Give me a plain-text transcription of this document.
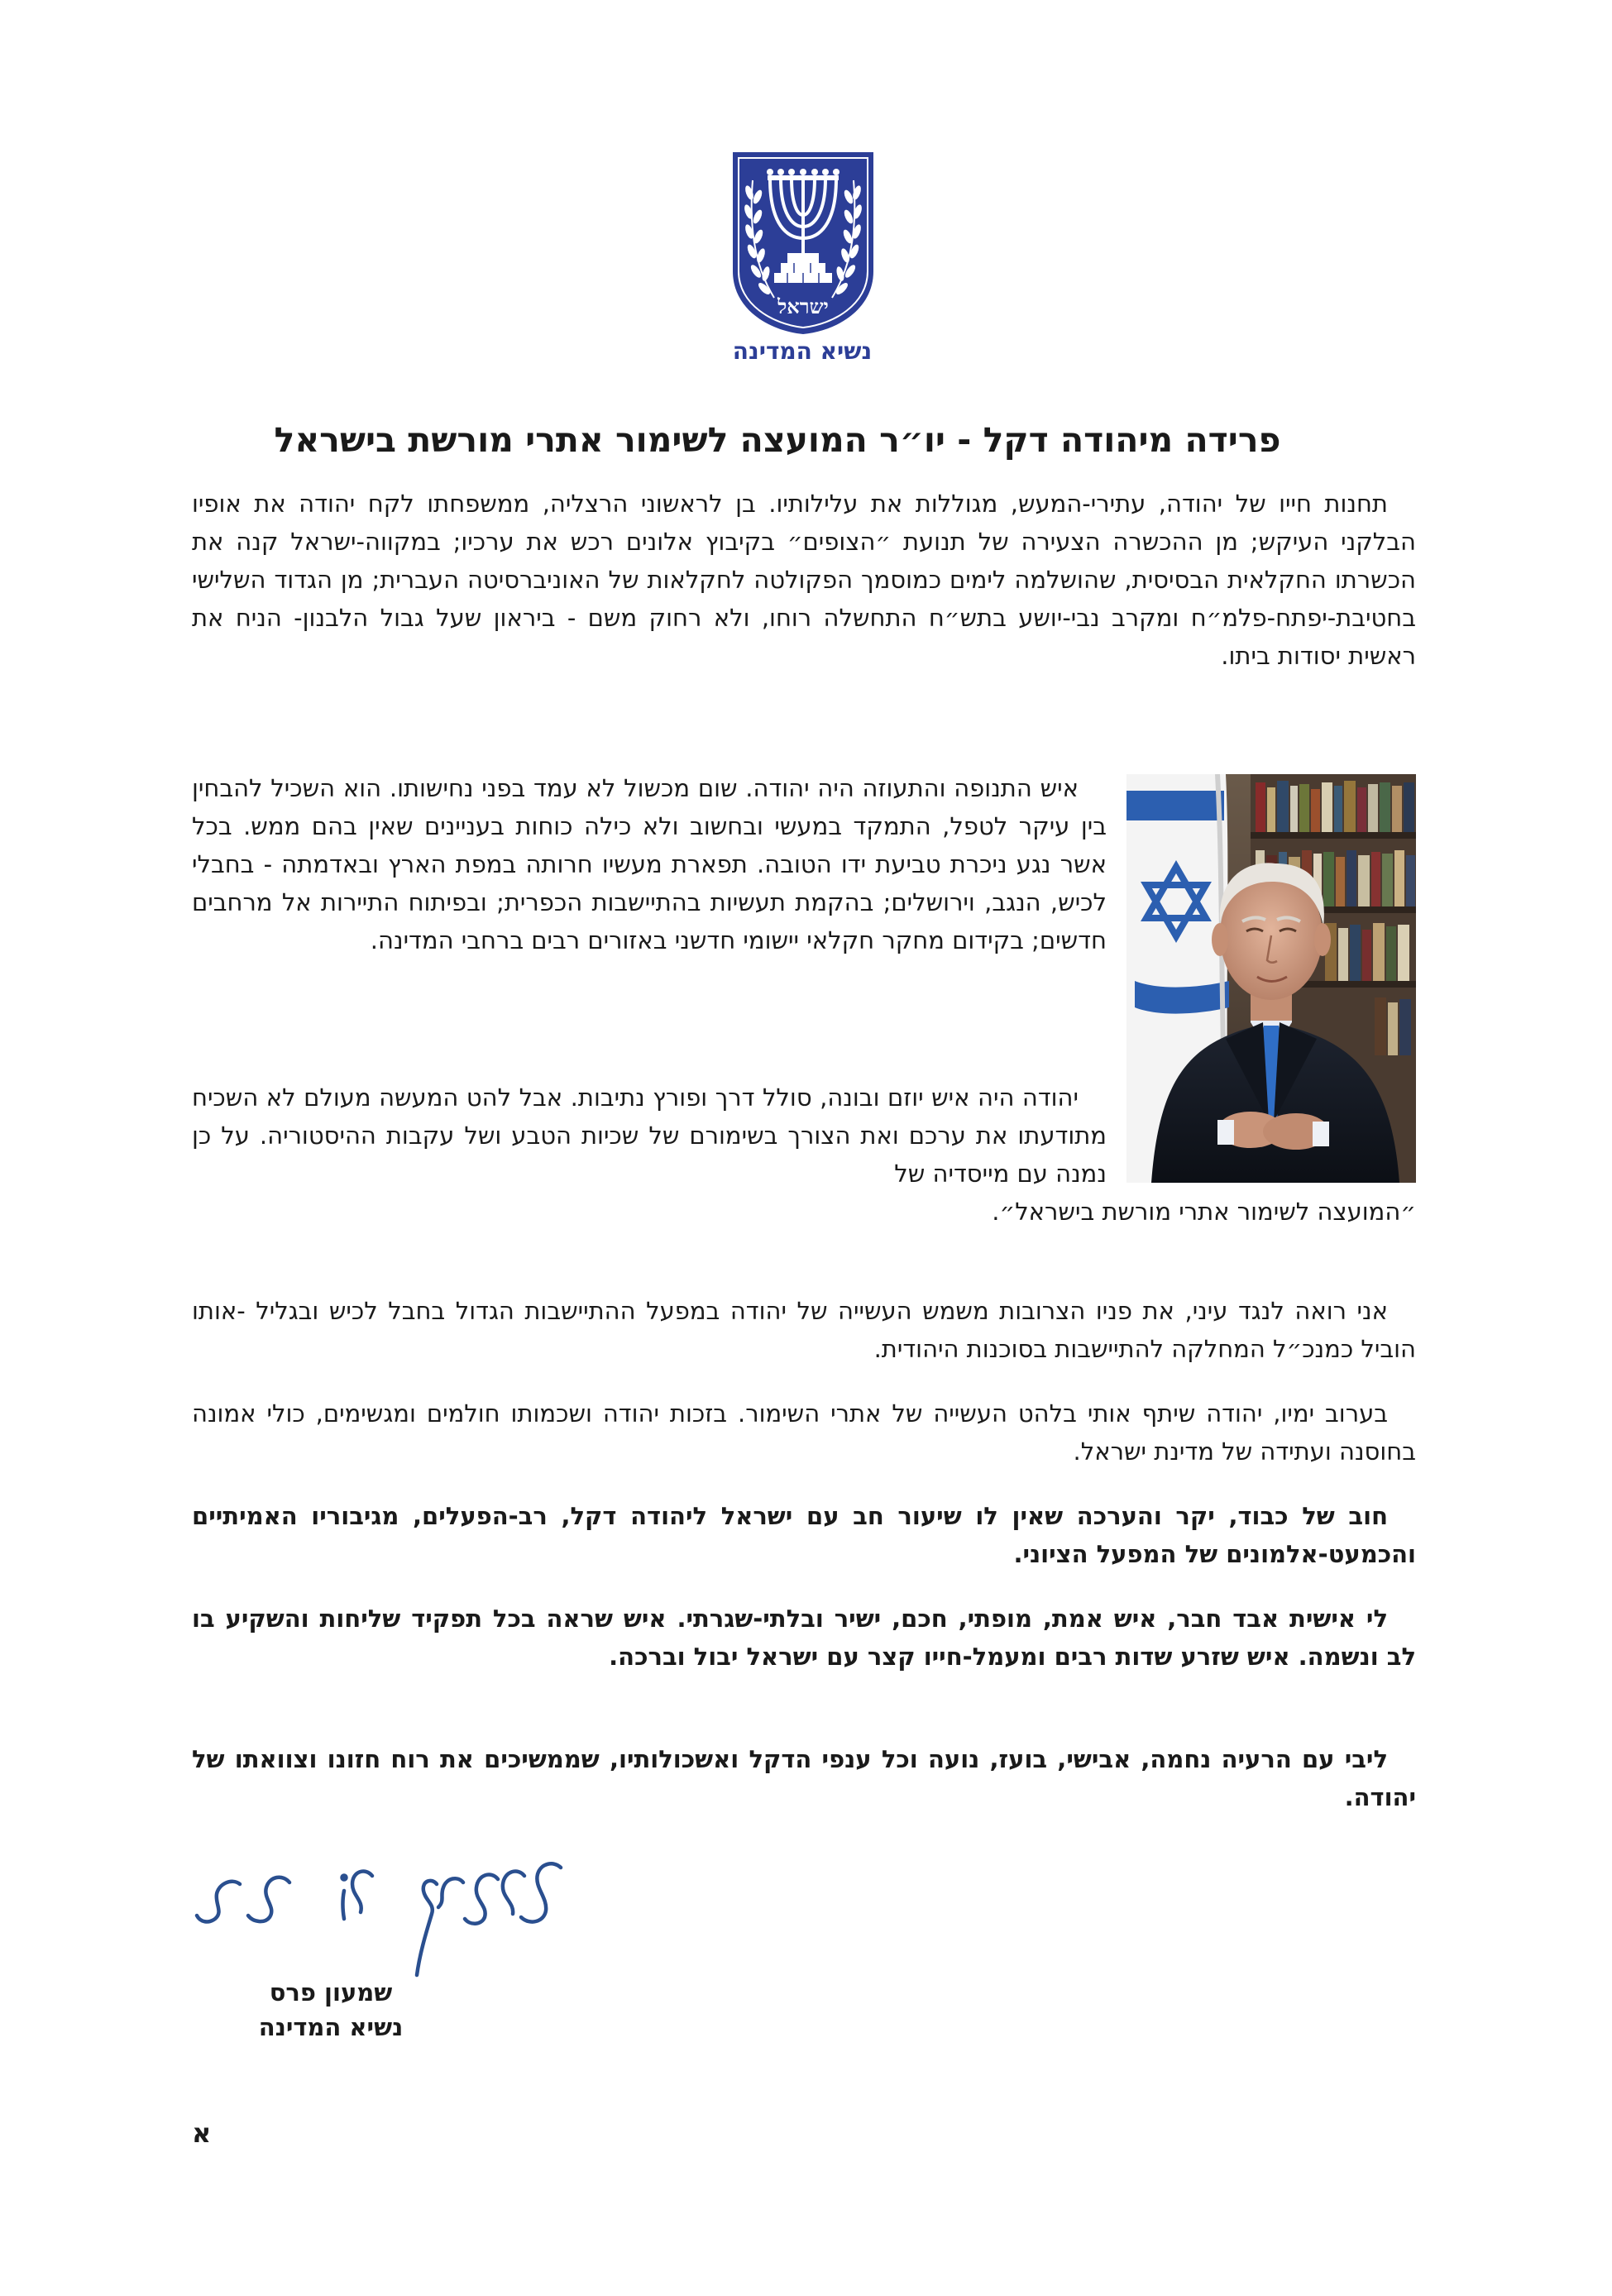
ישראל
נשיא המדינה
פרידה מיהודה דקל - יו״ר המועצה לשימור אתרי מורשת בישראל
תחנות חייו של יהודה, עתירי-המעש, מגוללות את עלילותיו. בן לראשוני הרצליה, ממשפחתו לקח יהודה את אופיו הבלקני העיקש; מן ההכשרה הצעירה של תנועת ״הצופים״ בקיבוץ אלונים רכש את ערכיו; במקווה-ישראל קנה את הכשרתו החקלאית הבסיסית, שהושלמה לימים כמוסמך הפקולטה לחקלאות של האוניברסיטה העברית; מן הגדוד השלישי בחטיבת-יפתח-פלמ״ח ומקרב נבי-יושע בתש״ח התחשלה רוחו, ולא רחוק משם - ביראון שעל גבול הלבנון- הניח את ראשית יסודות ביתו.
איש התנופה והתעוזה היה יהודה. שום מכשול לא עמד בפני נחישותו. הוא השכיל להבחין בין עיקר לטפל, התמקד במעשי ובחשוב ולא כילה כוחות בעניינים שאין בהם ממש. בכל אשר נגע ניכרת טביעת ידו הטובה. תפארת מעשיו חרותה במפת הארץ ובאדמתה - בחבלי לכיש, הנגב, וירושלים; בהקמת תעשיות בהתיישבות הכפרית; ובפיתוח התיירות אל מרחבים חדשים; בקידום מחקר חקלאי יישומי חדשני באזורים רבים ברחבי המדינה.
יהודה היה איש יוזם ובונה, סולל דרך ופורץ נתיבות. אבל להט המעשה מעולם לא השכיח מתודעתו את ערכם ואת הצורך בשימורם של שכיות הטבע ושל עקבות ההיסטוריה. על כן נמנה עם מייסדיה של
״המועצה לשימור אתרי מורשת בישראל״.
אני רואה לנגד עיני, את פניו הצרובות משמש העשייה של יהודה במפעל ההתיישבות הגדול בחבל לכיש ובגליל -אותו הוביל כמנכ״ל המחלקה להתיישבות בסוכנות היהודית.
בערוב ימיו, יהודה שיתף אותי בלהט העשייה של אתרי השימור. בזכות יהודה ושכמותו חולמים ומגשימים, כולי אמונה בחוסנה ועתידה של מדינת ישראל.
חוב של כבוד, יקר והערכה שאין לו שיעור חב עם ישראל ליהודה דקל, רב-הפעלים, מגיבוריו האמיתיים והכמעט-אלמונים של המפעל הציוני.
לי אישית אבד חבר, איש אמת, מופתי, חכם, ישיר ובלתי-שגרתי. איש שראה בכל תפקיד שליחות והשקיע בו לב ונשמה. איש שזרע שדות רבים ומעמל-חייו קצר עם ישראל יבול וברכה.
ליבי עם הרעיה נחמה, אבישי, בועז, נועה וכל ענפי הדקל ואשכולותיו, שממשיכים את רוח חזונו וצוואתו של יהודה.
שמעון פרס
נשיא המדינה
א
